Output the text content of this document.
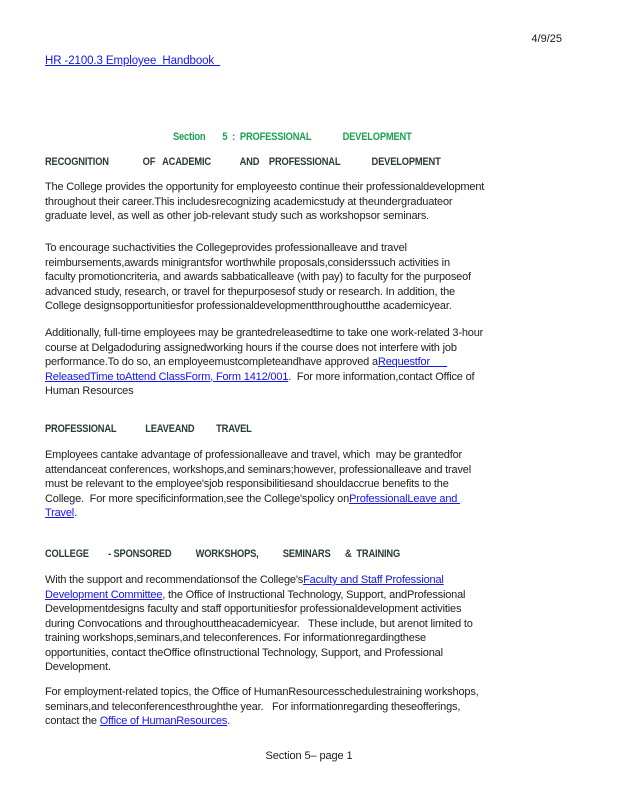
4/9/25
HR -2100.3 Employee  Handbook
Section       5  :  PROFESSIONAL             DEVELOPMENT
RECOGNITION              OF   ACADEMIC            AND    PROFESSIONAL             DEVELOPMENT
The College provides the opportunity for employeesto continue their professionaldevelopment
throughout their career.This includesrecognizing academicstudy at theundergraduateor
graduate level, as well as other job-relevant study such as workshopsor seminars.
To encourage suchactivities the Collegeprovides professionalleave and travel
reimbursements,awards minigrantsfor worthwhile proposals,considerssuch activities in
faculty promotioncriteria, and awards sabbaticalleave (with pay) to faculty for the purposeof
advanced study, research, or travel for thepurposesof study or research. In addition, the
College designsopportunitiesfor professionaldevelopmentthroughoutthe academicyear.
Additionally, full-time employees may be grantedreleasedtime to take one work-related 3-hour
course at Delgadoduring assignedworking hours if the course does not interfere with job
performance.To do so, an employeemustcompleteandhave approved aRequestfor
ReleasedTime toAttend ClassForm, Form 1412/001.  For more information,contact Office of
Human Resources
PROFESSIONAL            LEAVEAND         TRAVEL
Employees cantake advantage of professionalleave and travel, which  may be grantedfor
attendanceat conferences, workshops,and seminars;however, professionalleave and travel
must be relevant to the employee'sjob responsibilitiesand shouldaccrue benefits to the
College.  For more specificinformation,see the College'spolicy onProfessionalLeave and
Travel.
COLLEGE        - SPONSORED          WORKSHOPS,          SEMINARS      &  TRAINING
With the support and recommendationsof the College'sFaculty and Staff Professional
Development Committee, the Office of Instructional Technology, Support, andProfessional
Developmentdesigns faculty and staff opportunitiesfor professionaldevelopment activities
during Convocations and throughouttheacademicyear.   These include, but arenot limited to
training workshops,seminars,and teleconferences. For informationregardingthese
opportunities, contact theOffice ofInstructional Technology, Support, and Professional
Development.
For employment-related topics, the Office of HumanResourcesschedulestraining workshops,
seminars,and teleconferencesthroughthe year.   For informationregarding theseofferings,
contact the Office of HumanResources.
Section 5– page 1
